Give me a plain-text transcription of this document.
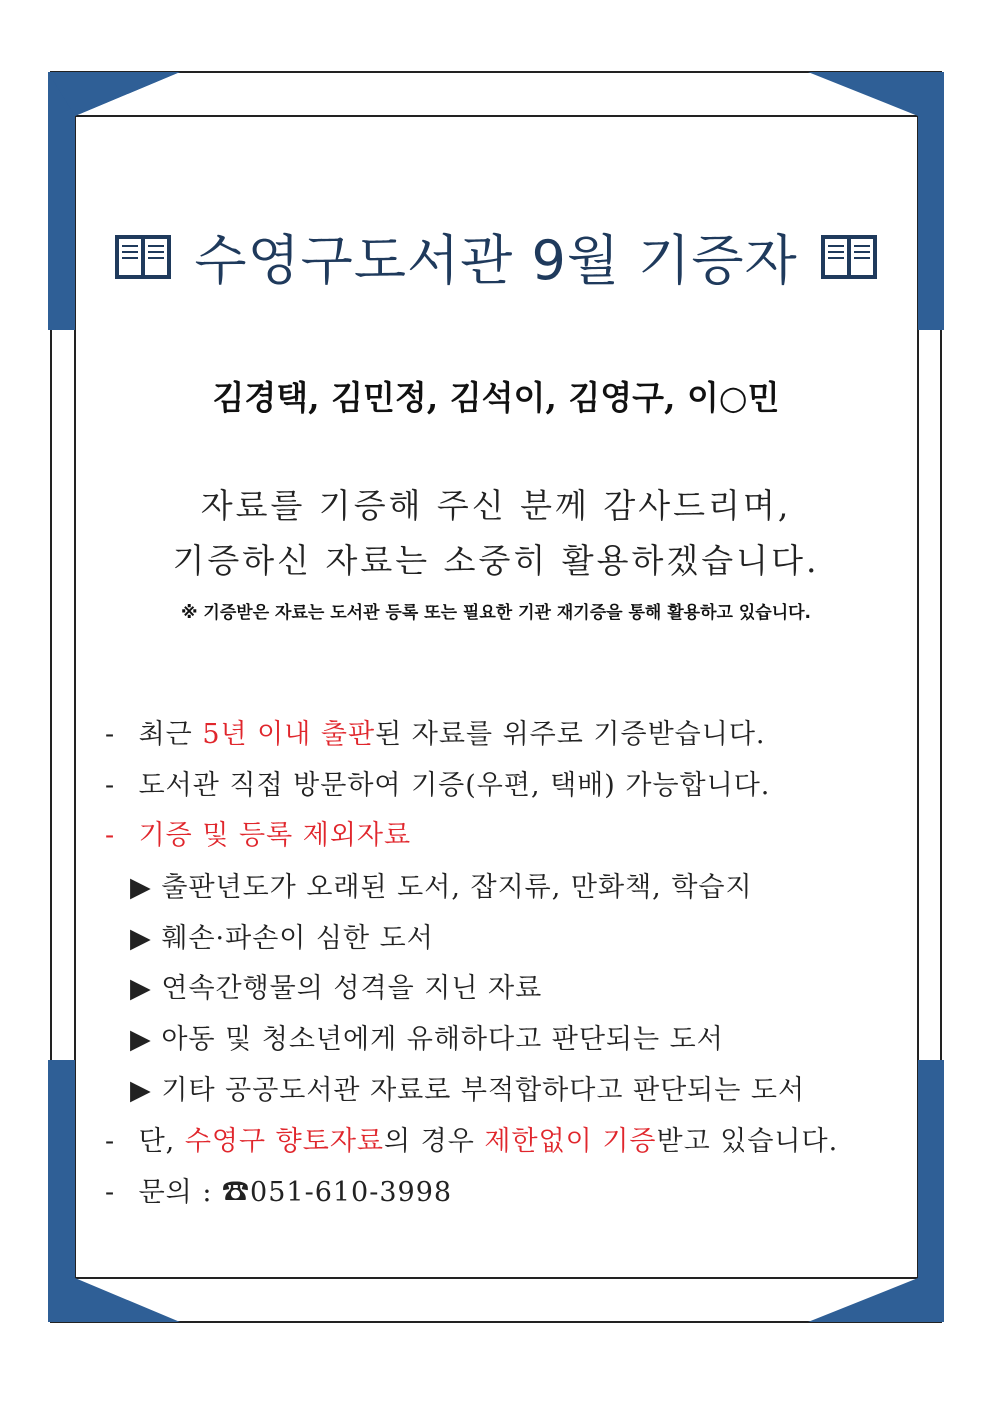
수영구도서관 9월 기증자
김경택, 김민정, 김석이, 김영구, 이○민
자료를 기증해 주신 분께 감사드리며,
기증하신 자료는 소중히 활용하겠습니다.
※ 기증받은 자료는 도서관 등록 또는 필요한 기관 재기증을 통해 활용하고 있습니다.
- 최근 5년 이내 출판된 자료를 위주로 기증받습니다.
- 도서관 직접 방문하여 기증(우편, 택배) 가능합니다.
- 기증 및 등록 제외자료
▶ 출판년도가 오래된 도서, 잡지류, 만화책, 학습지
▶ 훼손·파손이 심한 도서
▶ 연속간행물의 성격을 지닌 자료
▶ 아동 및 청소년에게 유해하다고 판단되는 도서
▶ 기타 공공도서관 자료로 부적합하다고 판단되는 도서
- 단, 수영구 향토자료의 경우 제한없이 기증받고 있습니다.
- 문의 : ☎051-610-3998
